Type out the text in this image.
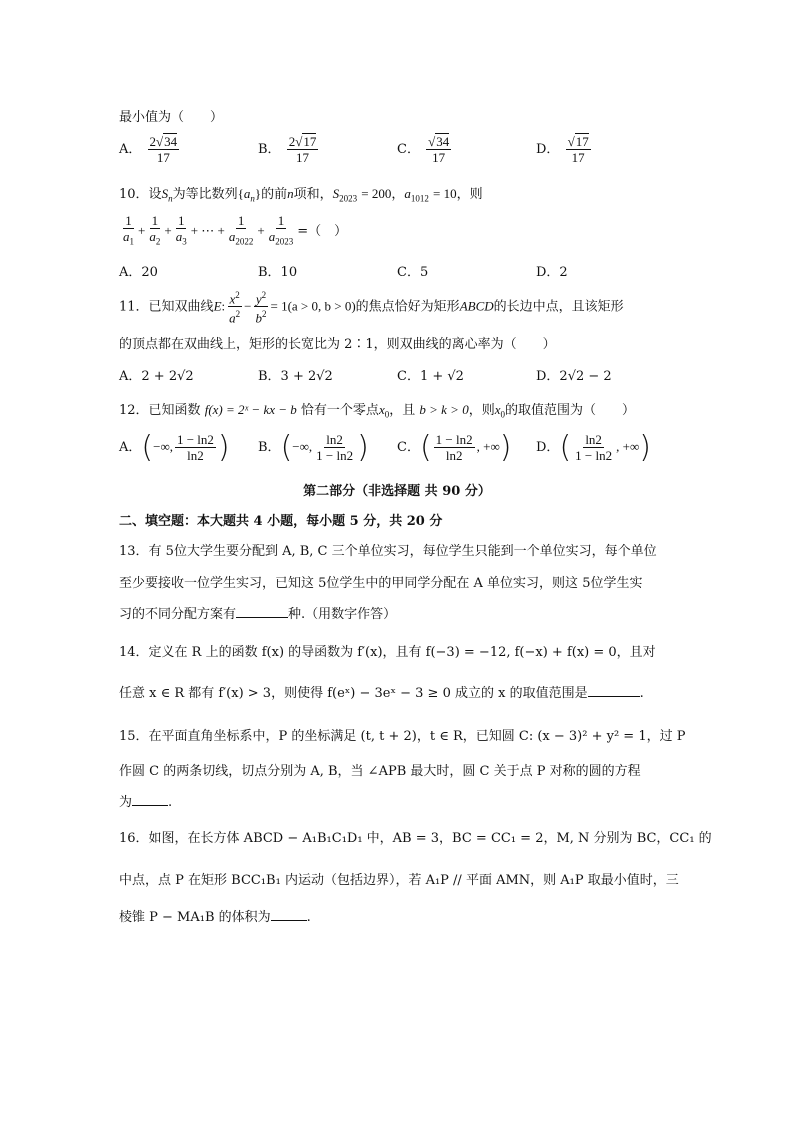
最小值为（　　）
A． $\frac{2√34}{17}$	B． $\frac{2√17}{17}$	C． $\frac{√34}{17}$	D． $\frac{√17}{17}$
10．设$S_n$为等比数列$\{a_n\}$的前n项和，$S_{2023} = 200$，$a_{1012} = 10$，则
$\frac{1}{a_1} + \frac{1}{a_2} + \frac{1}{a_3}$ + ⋯ + $\frac{1}{a_{2022}} + \frac{1}{a_{2023}}$ =（　）
A．20	B．10	C．5	D．2
11．已知双曲线E: $\frac{x^2}{a^2} - \frac{y^2}{b^2} = 1(a > 0$, b > 0)的焦点恰好为矩形ABCD的长边中点，且该矩形
的顶点都在双曲线上，矩形的长宽比为 2∶1，则双曲线的离心率为（　　）
A．2 + 2√2	B．3 + 2√2	C．1 + √2	D．2√2 − 2
12．已知函数 f(x) = 2ˣ − kx − b 恰有一个零点$x_0$，且 b > k > 0，则$x_0$的取值范围为（　　）
A．(−∞, $\frac{1 - \ln 2}{\ln 2}$ ) B．(−∞, $\frac{\ln 2}{1 - \ln 2}$ ) C．( $\frac{1 - \ln 2}{\ln 2}$ , +∞) D．( $\frac{\ln 2}{1 - \ln 2}$ , +∞)
第二部分（非选择题 共 90 分）
二、填空题：本大题共 4 小题，每小题 5 分，共 20 分
13．有 5位大学生要分配到 A, B, C 三个单位实习，每位学生只能到一个单位实习，每个单位
至少要接收一位学生实习，已知这 5位学生中的甲同学分配在 A 单位实习，则这 5位学生实
习的不同分配方案有	种.（用数字作答）
14．定义在 R 上的函数 f(x) 的导函数为 f′(x)，且有 f(−3) = −12, f(−x) + f(x) = 0，且对
任意 x ∈ R 都有 f′(x) > 3，则使得 f(eˣ) − 3eˣ − 3 ≥ 0 成立的 x 的取值范围是	.
15．在平面直角坐标系中，P 的坐标满足 (t, t + 2)，t ∈ R，已知圆 C: (x − 3)² + y² = 1，过 P
作圆 C 的两条切线，切点分别为 A, B，当 ∠APB 最大时，圆 C 关于点 P 对称的圆的方程
为	.
16．如图，在长方体 ABCD − A₁B₁C₁D₁ 中，AB = 3，BC = CC₁ = 2，M, N 分别为 BC，CC₁ 的
中点，点 P 在矩形 BCC₁B₁ 内运动（包括边界），若 A₁P // 平面 AMN，则 A₁P 取最小值时，三
棱锥 P − MA₁B 的体积为	.
